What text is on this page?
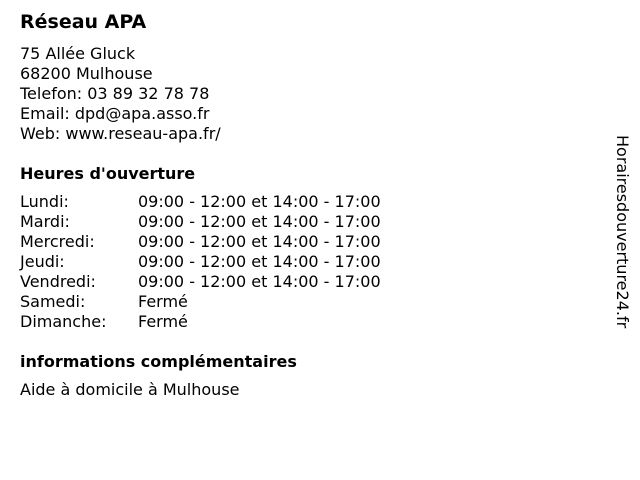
Réseau APA
75 Allée Gluck
68200 Mulhouse
Telefon: 03 89 32 78 78
Email: dpd@apa.asso.fr
Web: www.reseau-apa.fr/
Heures d'ouverture
Lundi:	09:00 - 12:00 et 14:00 - 17:00
Mardi:	09:00 - 12:00 et 14:00 - 17:00
Mercredi:	09:00 - 12:00 et 14:00 - 17:00
Jeudi:	09:00 - 12:00 et 14:00 - 17:00
Vendredi:	09:00 - 12:00 et 14:00 - 17:00
Samedi:	Fermé
Dimanche:	Fermé
informations complémentaires
Aide à domicile à Mulhouse
Horairesdouverture24.fr
